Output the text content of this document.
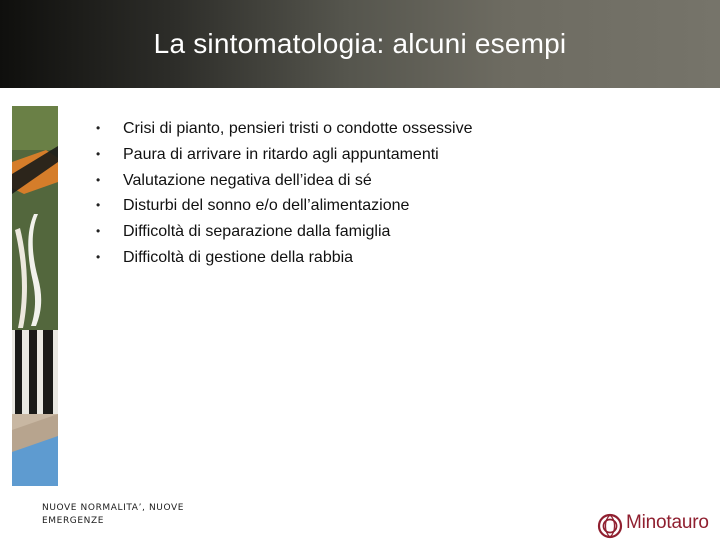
La sintomatologia: alcuni esempi
•	Crisi di pianto, pensieri tristi o condotte ossessive
•	Paura di arrivare in ritardo agli appuntamenti
•	Valutazione negativa dell’idea di sé
•	Disturbi del sonno e/o dell’alimentazione
•	Difficoltà di separazione dalla famiglia
•	Difficoltà di gestione della rabbia
NUOVE NORMALITA’, NUOVE
EMERGENZE	Minotauro
